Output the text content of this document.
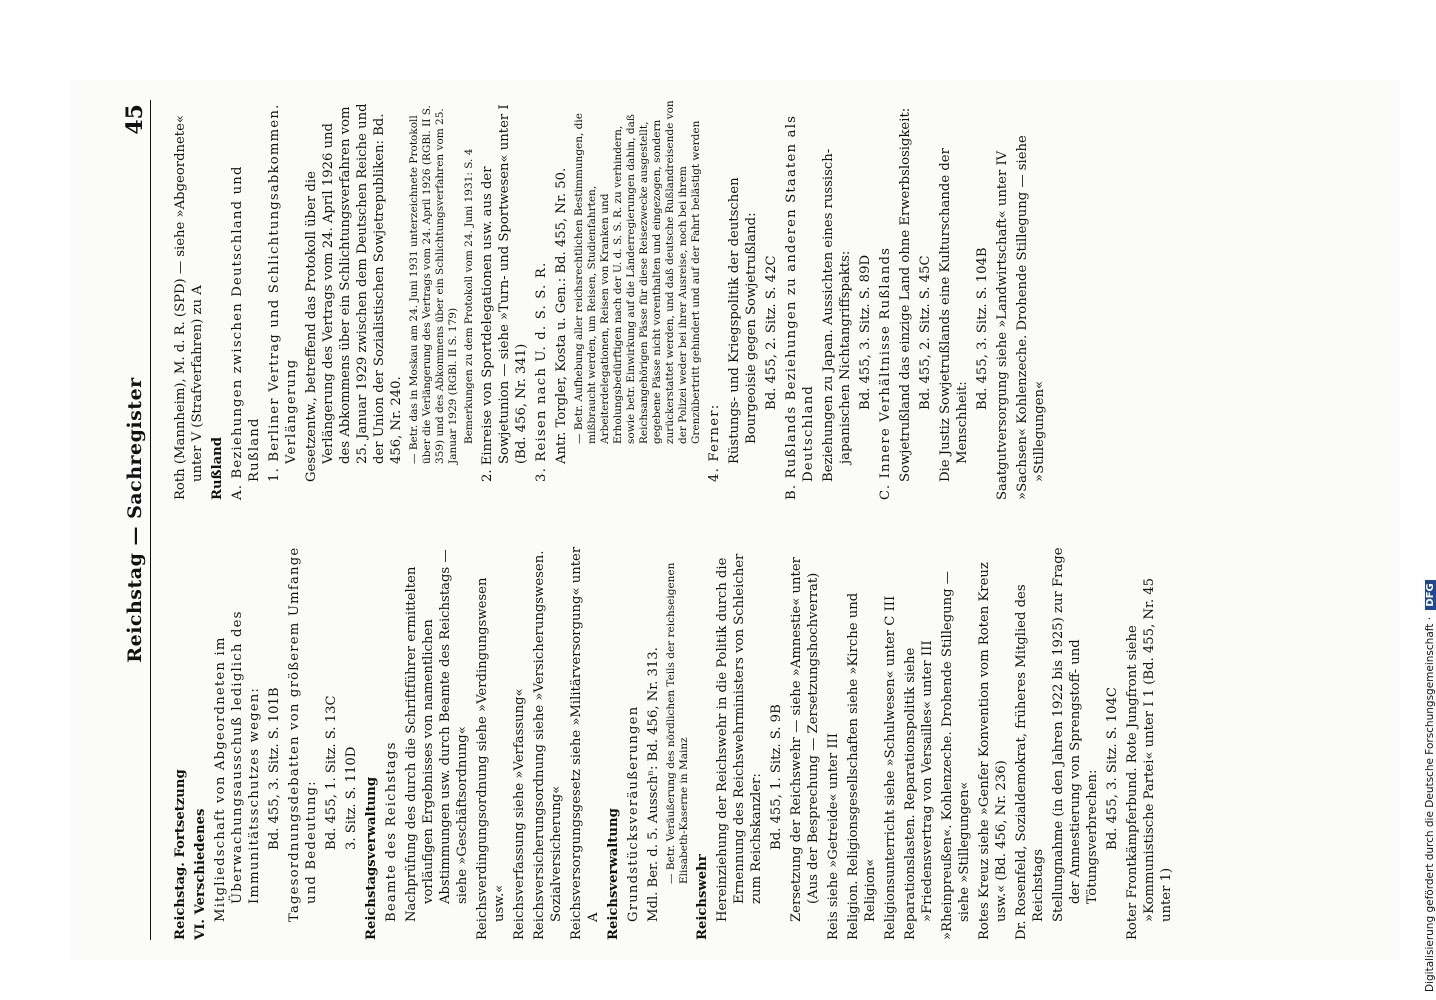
Reichstag — Sachregister
45

Reichstag. Fortsetzung VI. Verschiedenes Mitgliedschaft von Abgeordneten im Überwachungsausschuß lediglich des Immunitätsschutzes wegen: Bd. 455, 3. Sitz. S. 101B Tagesordnungsdebatten von größerem Umfange und Bedeutung: Bd. 455, 1. Sitz. S. 13C 3. Sitz. S. 110D Reichstagsverwaltung Beamte des Reichstags Nachprüfung des durch die Schriftführer ermittelten vorläufigen Ergebnisses von namentlichen Abstimmungen usw. durch Beamte des Reichstags — siehe »Geschäftsordnung« Reichsverdingungsordnung siehe »Verdingungswesen usw.« Reichsverfassung siehe »Verfassung« Reichsversicherungsordnung siehe »Versicherungswesen. Sozialversicherung« Reichsversorgungsgesetz siehe »Militärversorgung« unter A Reichsverwaltung Grundstücksveräußerungen Mdl. Ber. d. 5. Ausschⁿ: Bd. 456, Nr. 313. — Betr. Veräußerung des nördlichen Teils der reichseigenen Elisabeth-Kaserne in Mainz

Reichswehr Hereinziehung der Reichswehr in die Politik durch die Ernennung des Reichswehrministers von Schleicher zum Reichskanzler: Bd. 455, 1. Sitz. S. 9B Zersetzung der Reichswehr — siehe »Amnestie« unter (Aus der Besprechung — Zersetzungshochverrat) Reis siehe »Getreide« unter III Religion. Religionsgesellschaften siehe »Kirche und Religion« Religionsunterricht siehe »Schulwesen« unter C III Reparationslasten. Reparationspolitik siehe »Friedensvertrag von Versailles« unter III »Rheinpreußen«. Kohlenzeche. Drohende Stillegung — siehe »Stillegungen« Rotes Kreuz siehe »Genfer Konvention vom Roten Kreuz usw.« (Bd. 456, Nr. 236) Dr. Rosenfeld, Sozialdemokrat, früheres Mitglied des Reichstags Stellungnahme (in den Jahren 1922 bis 1925) zur Frage der Amnestierung von Sprengstoff- und Tötungsverbrechen: Bd. 455, 3. Sitz. S. 104C Roter Frontkämpferbund. Rote Jungfront siehe »Kommunistische Partei« unter I 1 (Bd. 455, Nr. 45 unter 1)

Roth (Mannheim), M. d. R. (SPD) — siehe »Abgeordnete« unter V (Strafverfahren) zu A Rußland A. Beziehungen zwischen Deutschland und Rußland 1. Berliner Vertrag und Schlichtungsabkommen. Verlängerung Gesetzentw., betreffend das Protokoll über die Verlängerung des Vertrags vom 24. April 1926 und des Abkommens über ein Schlichtungsverfahren vom 25. Januar 1929 zwischen dem Deutschen Reiche und der Union der Sozialistischen Sowjetrepubliken: Bd. 456, Nr. 240. — Betr. das in Moskau am 24. Juni 1931 unterzeichnete Protokoll über die Verlängerung des Vertrags vom 24. April 1926 (RGBl. II S. 359) und des Abkommens über ein Schlichtungsverfahren vom 25. Januar 1929 (RGBl. II S. 179) Bemerkungen zu dem Protokoll vom 24. Juni 1931: S. 4 2. Einreise von Sportdelegationen usw. aus der Sowjetunion — siehe »Turn- und Sportwesen« unter I (Bd. 456, Nr. 341) 3. Reisen nach U. d. S. S. R. Antr. Torgler, Kosta u. Gen.: Bd. 455, Nr. 50. — Betr. Aufhebung aller reichsrechtlichen Bestimmungen, die mißbraucht werden, um Reisen, Studienfahrten, Arbeiterdelegationen, Reisen von Kranken und Erholungsbedürftigen nach der U. d. S. S. R. zu verhindern, sowie betr. Einwirkung auf die Länderregierungen dahin, daß Reichsangehörigen Pässe für diese Reisezwecke ausgestellt, gegebene Pässe nicht vorenthalten und eingezogen, sondern zurückerstattet werden, und daß deutsche Rußlandreisende von der Polizei weder bei ihrer Ausreise, noch bei ihrem Grenzübertritt gehindert und auf der Fahrt belästigt werden 4. Ferner: Rüstungs- und Kriegspolitik der deutschen Bourgeoisie gegen Sowjetrußland: Bd. 455, 2. Sitz. S. 42C B. Rußlands Beziehungen zu anderen Staaten als Deutschland Beziehungen zu Japan. Aussichten eines russisch-japanischen Nichtangriffspakts: Bd. 455, 3. Sitz. S. 89D C. Innere Verhältnisse Rußlands Sowjetrußland das einzige Land ohne Erwerbslosigkeit: Bd. 455, 2. Sitz. S. 45C Die Justiz Sowjetrußlands eine Kulturschande der Menschheit:

Bd. 455, 3. Sitz. S. 104B Saatgutversorgung siehe »Landwirtschaft« unter IV »Sachsen« Kohlenzeche. Drohende Stillegung — siehe »Stillegungen«

Digitalisierung gefördert durch die Deutsche Forschungsgemeinschaft · DFG
